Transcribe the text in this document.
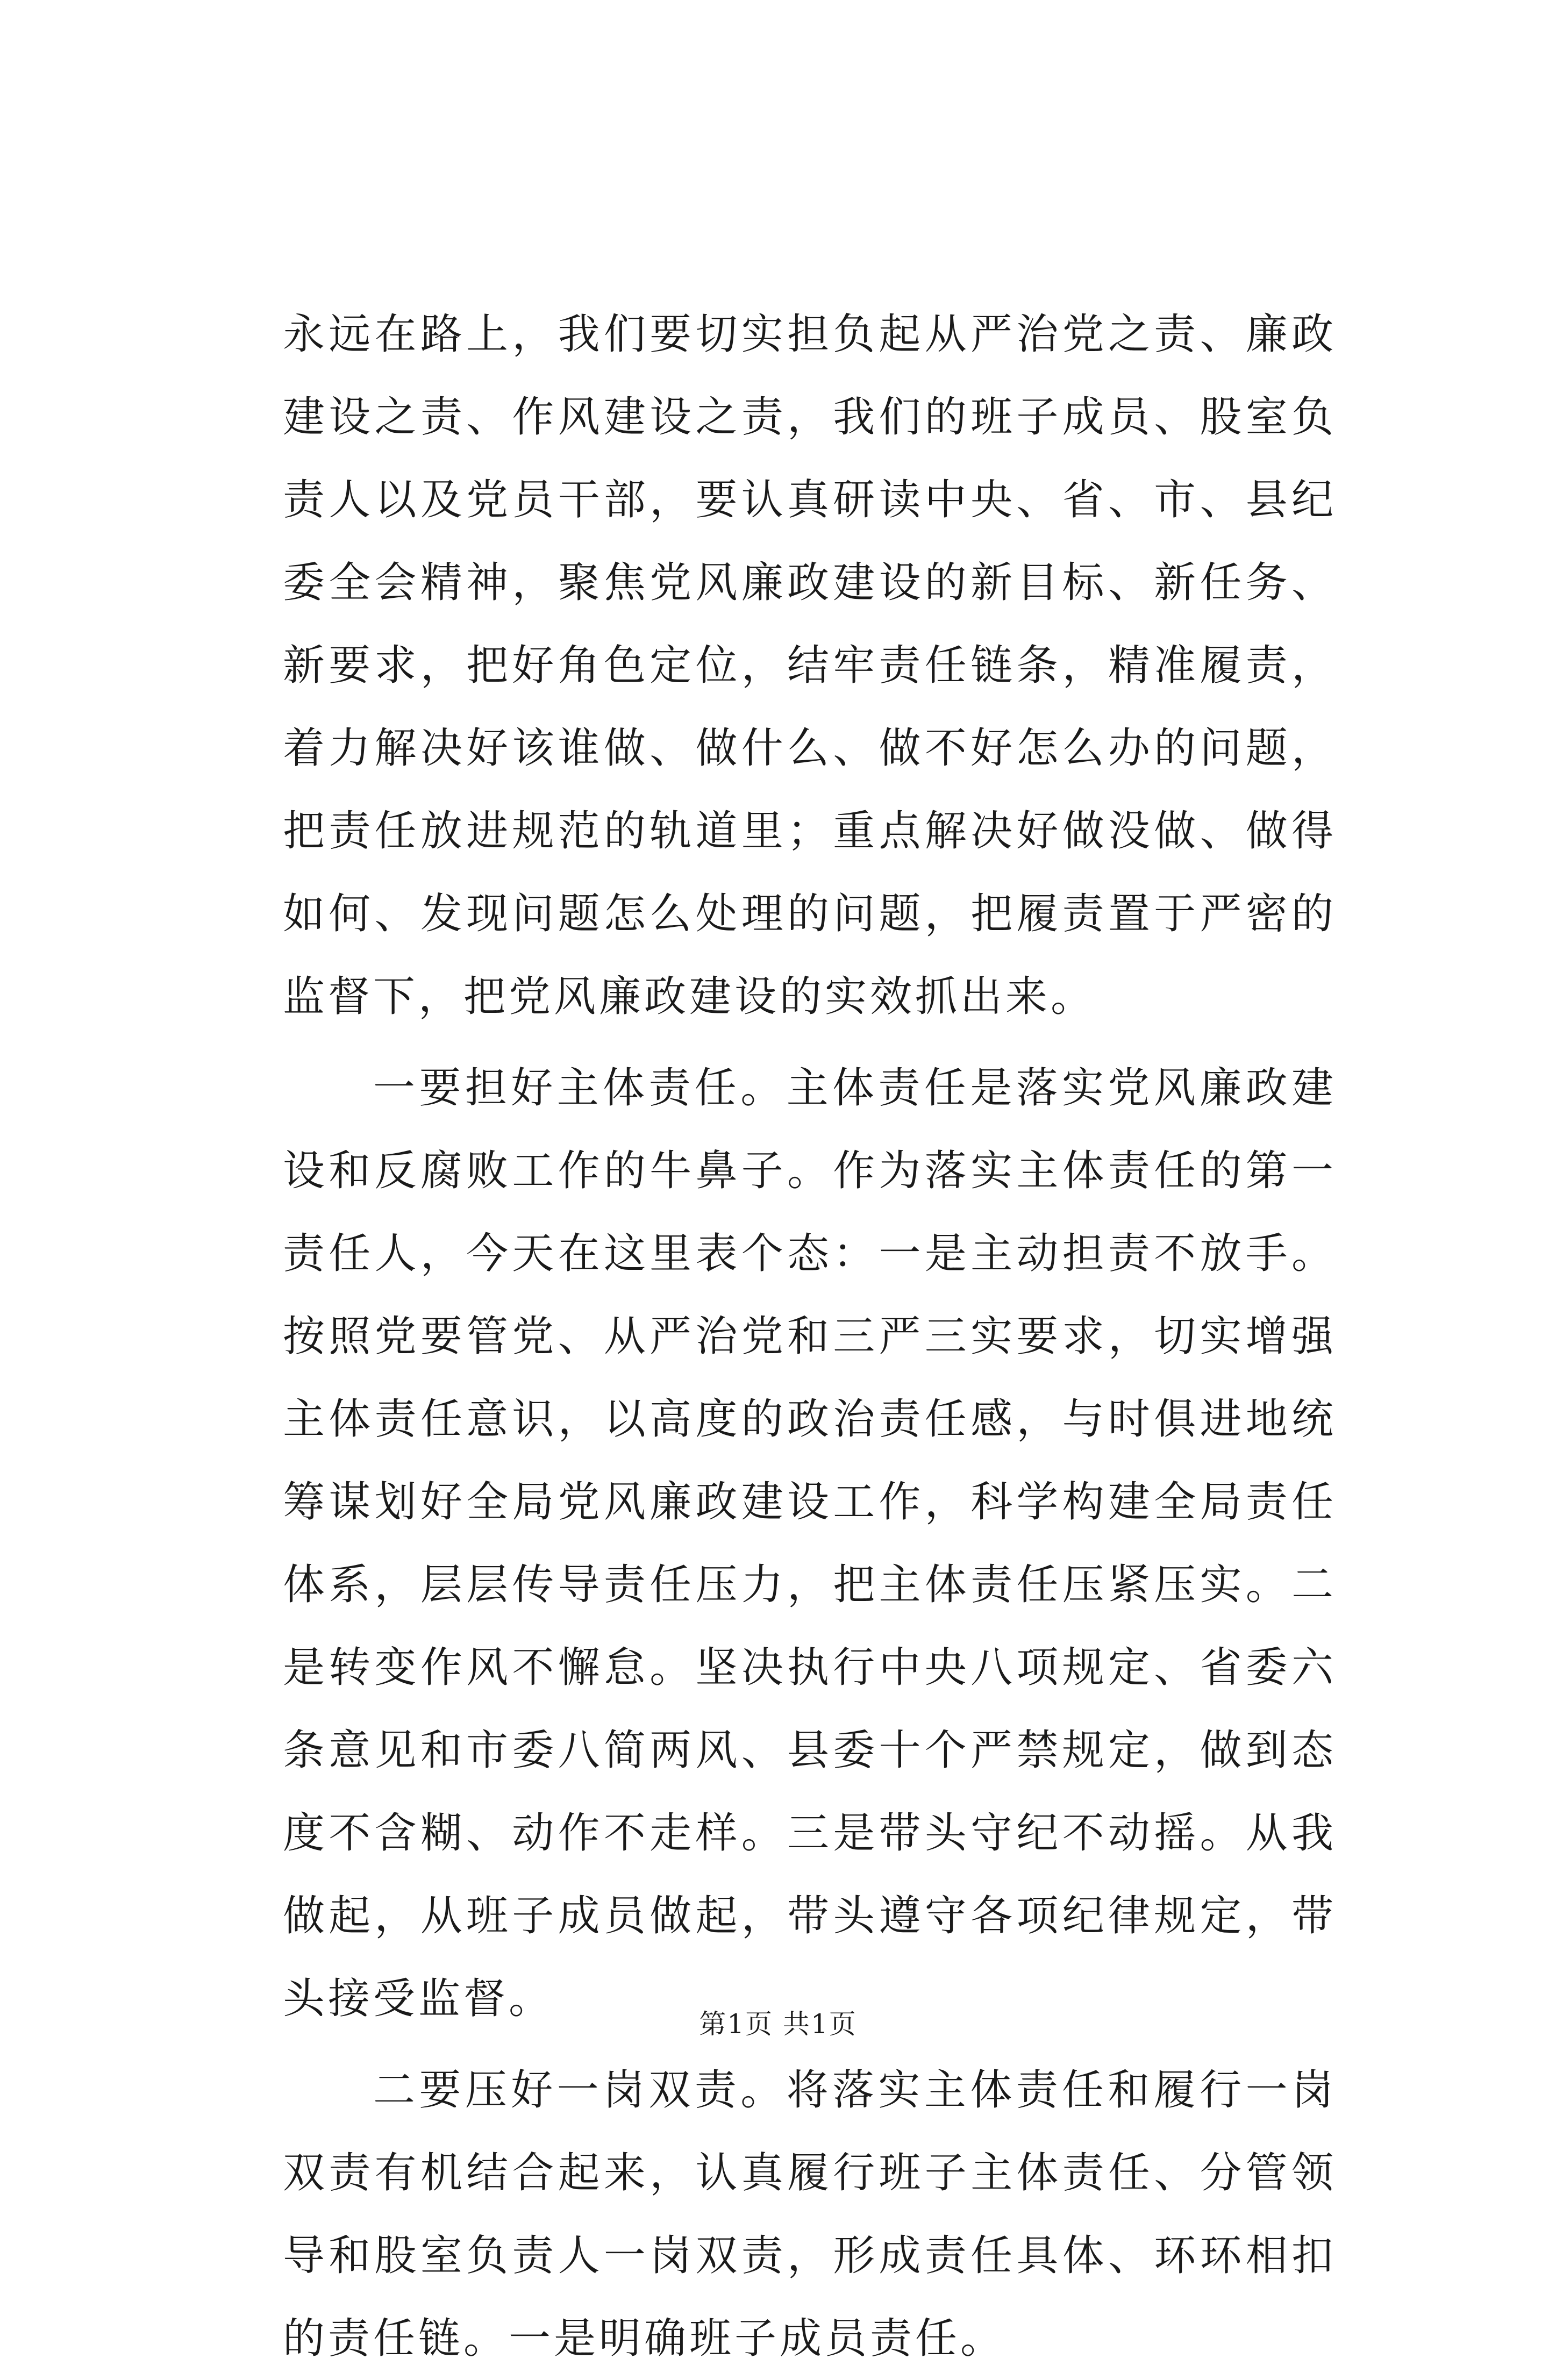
永远在路上，我们要切实担负起从严治党之责、廉政建设之责、作风建设之责，我们的班子成员、股室负责人以及党员干部，要认真研读中央、省、市、县纪委全会精神，聚焦党风廉政建设的新目标、新任务、新要求，把好角色定位，结牢责任链条，精准履责，着力解决好该谁做、做什么、做不好怎么办的问题，把责任放进规范的轨道里；重点解决好做没做、做得如何、发现问题怎么处理的问题，把履责置于严密的监督下，把党风廉政建设的实效抓出来。

一要担好主体责任。主体责任是落实党风廉政建设和反腐败工作的牛鼻子。作为落实主体责任的第一责任人，今天在这里表个态：一是主动担责不放手。按照党要管党、从严治党和三严三实要求，切实增强主体责任意识，以高度的政治责任感，与时俱进地统筹谋划好全局党风廉政建设工作，科学构建全局责任体系，层层传导责任压力，把主体责任压紧压实。二是转变作风不懈怠。坚决执行中央八项规定、省委六条意见和市委八简两风、县委十个严禁规定，做到态度不含糊、动作不走样。三是带头守纪不动摇。从我做起，从班子成员做起，带头遵守各项纪律规定，带头接受监督。

二要压好一岗双责。将落实主体责任和履行一岗双责有机结合起来，认真履行班子主体责任、分管领导和股室负责人一岗双责，形成责任具体、环环相扣的责任链。一是明确班子成员责任。

第1页 共1页
